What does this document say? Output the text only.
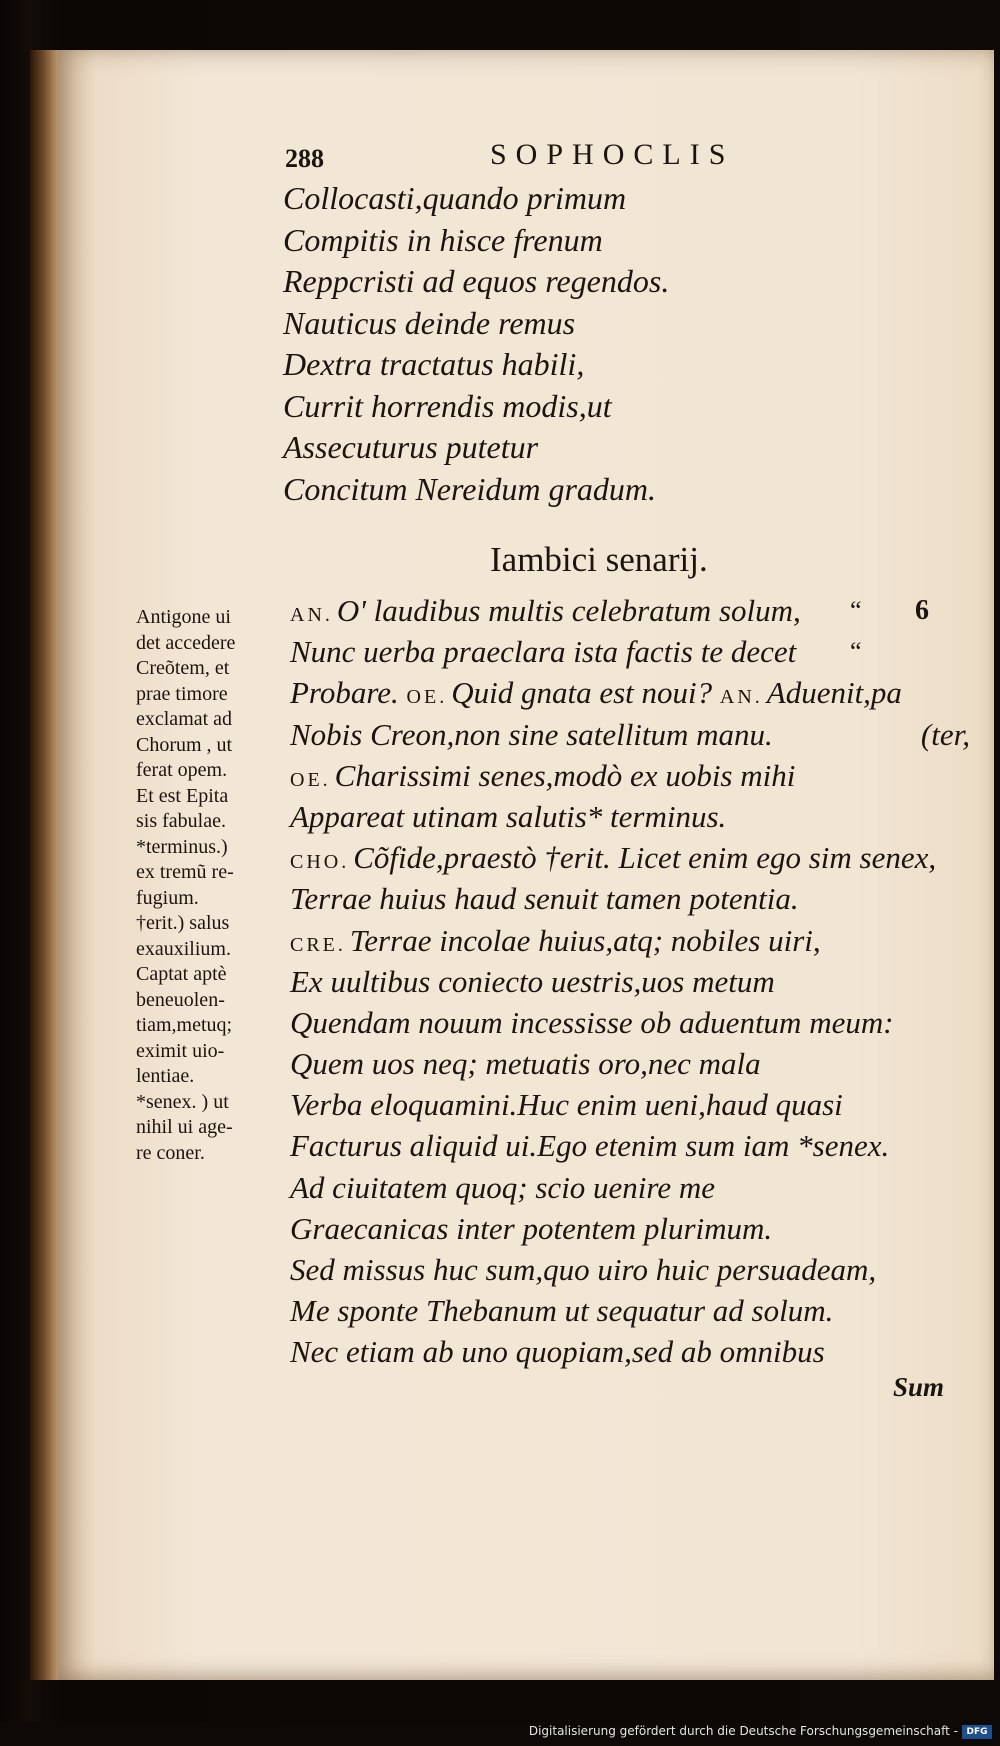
288	SOPHOCLIS
Collocasti,quando primum
Compitis in hisce frenum
Reppcristi ad equos regendos.
Nauticus deinde remus
Dextra tractatus habili,
Currit horrendis modis,ut
Assecuturus putetur
Concitum Nereidum gradum.
Iambici senarij.
Antigone ui
det accedere
Creõtem, et
prae timore
exclamat ad
Chorum , ut
ferat opem.
Et est Epita
sis fabulae.
*terminus.)
ex tremũ re-
fugium.
†erit.) salus
exauxilium.
Captat aptè
beneuolen-
tiam,metuq;
eximit uio-
lentiae.
*senex. ) ut
nihil ui age-
re coner.
AN. O' laudibus multis celebratum solum, “ 6
Nunc uerba praeclara ista factis te decet “
Probare. OE. Quid gnata est noui? AN. Aduenit,pa
Nobis Creon,non sine satellitum manu.	(ter,
OE. Charissimi senes,modò ex uobis mihi
Appareat utinam salutis* terminus.
CHO. Cõfide,praestò †erit. Licet enim ego sim senex,
Terrae huius haud senuit tamen potentia.
CRE. Terrae incolae huius,atq; nobiles uiri,
Ex uultibus coniecto uestris,uos metum
Quendam nouum incessisse ob aduentum meum:
Quem uos neq; metuatis oro,nec mala
Verba eloquamini.Huc enim ueni,haud quasi
Facturus aliquid ui.Ego etenim sum iam *senex.
Ad ciuitatem quoq; scio uenire me
Graecanicas inter potentem plurimum.
Sed missus huc sum,quo uiro huic persuadeam,
Me sponte Thebanum ut sequatur ad solum.
Nec etiam ab uno quopiam,sed ab omnibus
Sum
Digitalisierung gefördert durch die Deutsche Forschungsgemeinschaft - DFG
